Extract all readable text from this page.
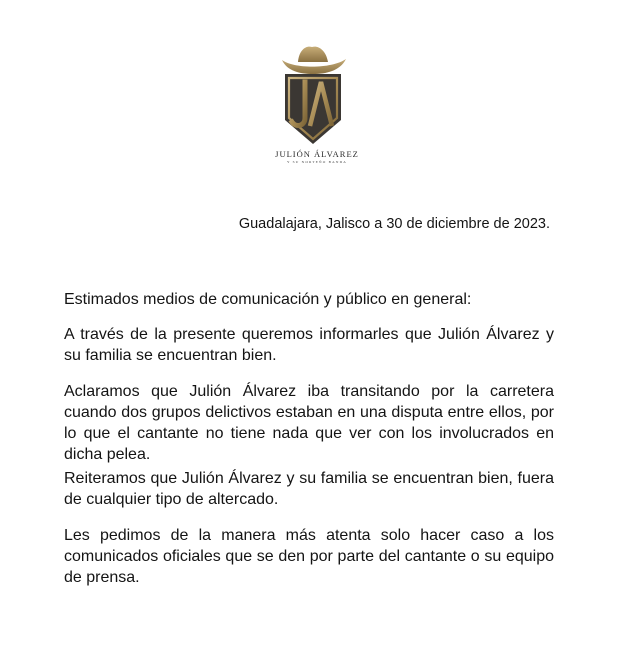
JULIÓN ÁLVAREZ
Y SU NORTEÑO BANDA
Guadalajara, Jalisco a 30 de diciembre de 2023.

Estimados medios de comunicación y público en general:

A través de la presente queremos informarles que Julión Álvarez y su familia se encuentran bien.

Aclaramos que Julión Álvarez iba transitando por la carretera cuando dos grupos delictivos estaban en una disputa entre ellos, por lo que el cantante no tiene nada que ver con los involucrados en dicha pelea.

Reiteramos que Julión Álvarez y su familia se encuentran bien, fuera de cualquier tipo de altercado.

Les pedimos de la manera más atenta solo hacer caso a los comunicados oficiales que se den por parte del cantante o su equipo de prensa.
